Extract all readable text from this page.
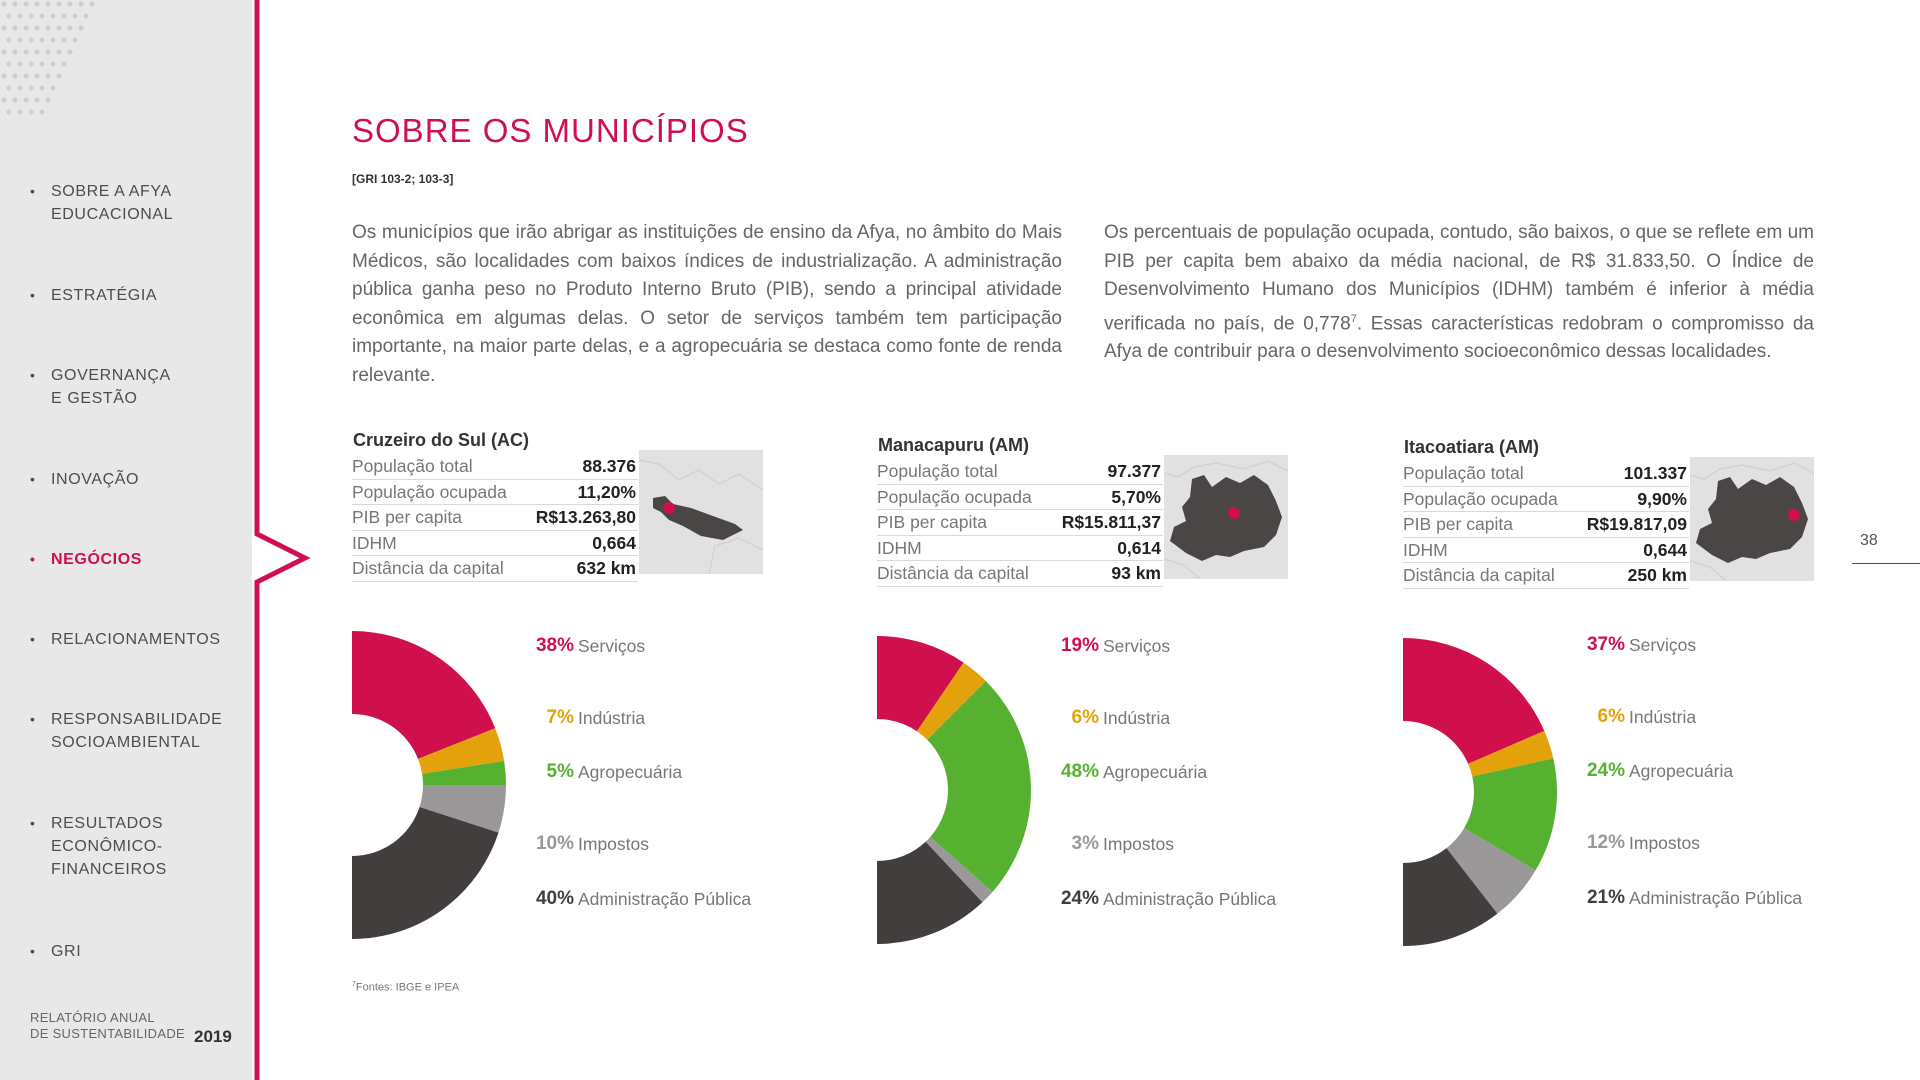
• SOBRE A AFYA
EDUCACIONAL
• ESTRATÉGIA
• GOVERNANÇA
E GESTÃO
• INOVAÇÃO
• NEGÓCIOS
• RELACIONAMENTOS
• RESPONSABILIDADE
SOCIOAMBIENTAL
• RESULTADOS
ECONÔMICO-
FINANCEIROS
• GRI
RELATÓRIO ANUAL
DE SUSTENTABILIDADE 2019
SOBRE OS MUNICÍPIOS
[GRI 103-2; 103-3]

Os municípios que irão abrigar as instituições de ensino da Afya, no âmbito do Mais Médicos, são localidades com baixos índices de industrialização. A administração pública ganha peso no Produto Interno Bruto (PIB), sendo a principal atividade econômica em algumas delas. O setor de serviços também tem participação importante, na maior parte delas, e a agropecuária se destaca como fonte de renda relevante.

Os percentuais de população ocupada, contudo, são baixos, o que se reflete em um PIB per capita bem abaixo da média nacional, de R$ 31.833,50. O Índice de Desenvolvimento Humano dos Municípios (IDHM) também é inferior à média verificada no país, de 0,778$^7$. Essas características redobram o compromisso da Afya de contribuir para o desenvolvimento socioeconômico dessas localidades.

Cruzeiro do Sul (AC)
População total	88.376
População ocupada	11,20%
PIB per capita	R$13.263,80
IDHM	0,664
Distância da capital	632 km
38% Serviços
7% Indústria
5% Agropecuária
10% Impostos
40% Administração Pública
Manacapuru (AM)
População total	97.377
População ocupada	5,70%
PIB per capita	R$15.811,37
IDHM	0,614
Distância da capital	93 km
19% Serviços
6% Indústria
48% Agropecuária
3% Impostos
24% Administração Pública
Itacoatiara (AM)
População total	101.337
População ocupada	9,90%
PIB per capita	R$19.817,09
IDHM	0,644
Distância da capital	250 km
37% Serviços
6% Indústria
24% Agropecuária
12% Impostos
21% Administração Pública
$^7$Fontes: IBGE e IPEA
38
